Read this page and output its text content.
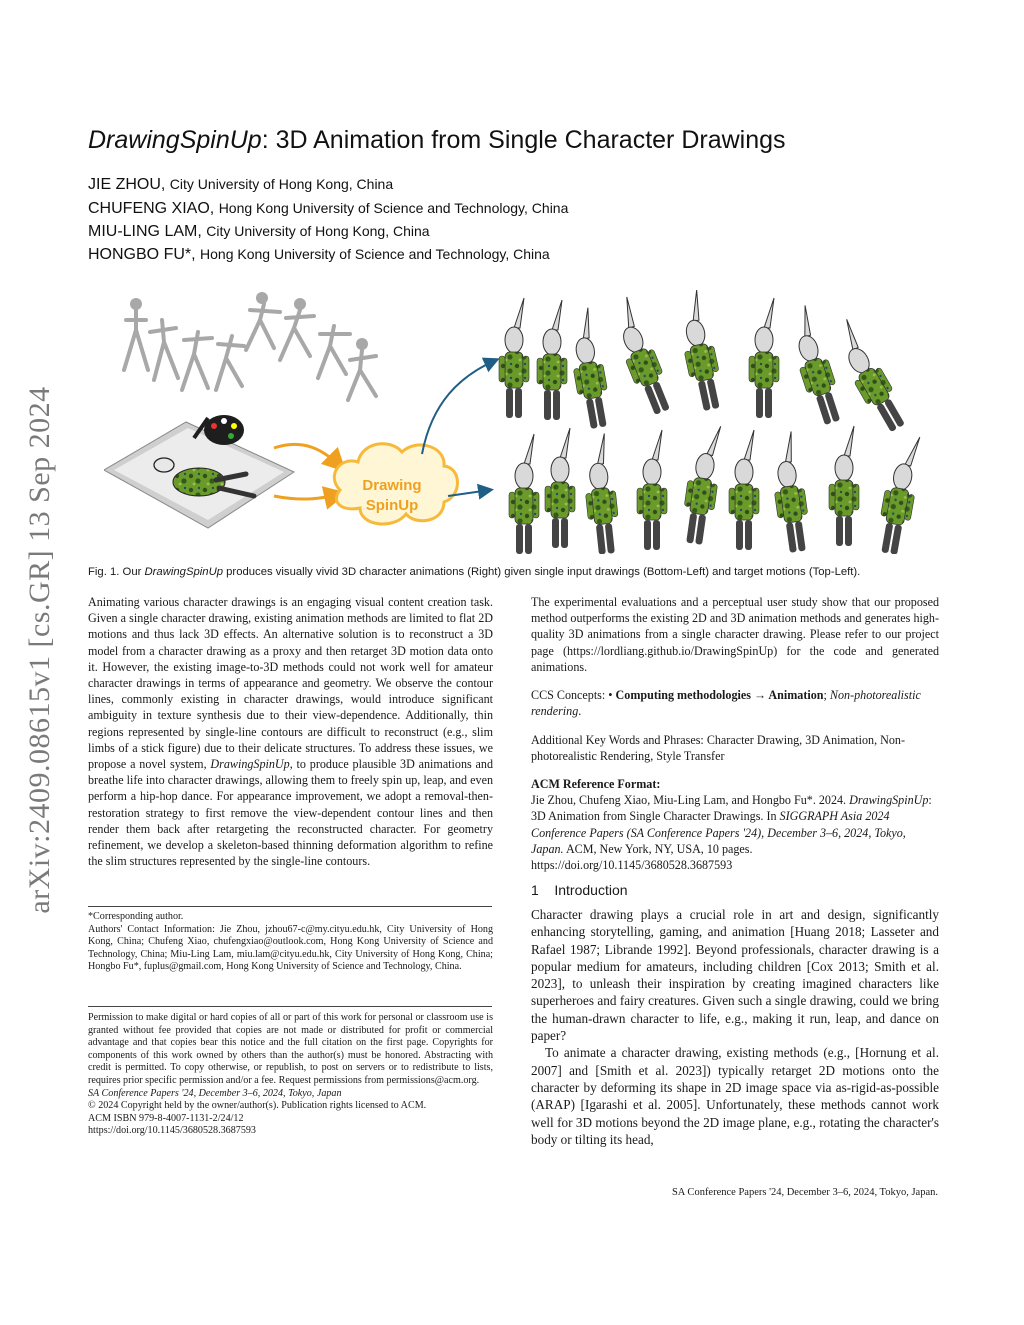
DrawingSpinUp: 3D Animation from Single Character Drawings
JIE ZHOU, City University of Hong Kong, China
CHUFENG XIAO, Hong Kong University of Science and Technology, China
MIU-LING LAM, City University of Hong Kong, China
HONGBO FU*, Hong Kong University of Science and Technology, China
arXiv:2409.08615v1 [cs.GR] 13 Sep 2024	Drawing
SpinUp
Fig. 1. Our DrawingSpinUp produces visually vivid 3D character animations (Right) given single input drawings (Bottom-Left) and target motions (Top-Left).

Animating various character drawings is an engaging visual content creation task. Given a single character drawing, existing animation methods are limited to flat 2D motions and thus lack 3D effects. An alternative solution is to reconstruct a 3D model from a character drawing as a proxy and then retarget 3D motion data onto it. However, the existing image-to-3D methods could not work well for amateur character drawings in terms of appearance and geometry. We observe the contour lines, commonly existing in character drawings, would introduce significant ambiguity in texture synthesis due to their view-dependence. Additionally, thin regions represented by single-line contours are difficult to reconstruct (e.g., slim limbs of a stick figure) due to their delicate structures. To address these issues, we propose a novel system, DrawingSpinUp, to produce plausible 3D animations and breathe life into character drawings, allowing them to freely spin up, leap, and even perform a hip-hop dance. For appearance improvement, we adopt a removal-then-restoration strategy to first remove the view-dependent contour lines and then render them back after retargeting the reconstructed character. For geometry refinement, we develop a skeleton-based thinning deformation algorithm to refine the slim structures represented by the single-line contours.

*Corresponding author.

Authors' Contact Information: Jie Zhou, jzhou67-c@my.cityu.edu.hk, City University of Hong Kong, China; Chufeng Xiao, chufengxiao@outlook.com, Hong Kong University of Science and Technology, China; Miu-Ling Lam, miu.lam@cityu.edu.hk, City University of Hong Kong, China; Hongbo Fu*, fuplus@gmail.com, Hong Kong University of Science and Technology, China.

Permission to make digital or hard copies of all or part of this work for personal or classroom use is granted without fee provided that copies are not made or distributed for profit or commercial advantage and that copies bear this notice and the full citation on the first page. Copyrights for components of this work owned by others than the author(s) must be honored. Abstracting with credit is permitted. To copy otherwise, or republish, to post on servers or to redistribute to lists, requires prior specific permission and/or a fee. Request permissions from permissions@acm.org.

SA Conference Papers '24, December 3–6, 2024, Tokyo, Japan

© 2024 Copyright held by the owner/author(s). Publication rights licensed to ACM.

ACM ISBN 979-8-4007-1131-2/24/12

https://doi.org/10.1145/3680528.3687593

The experimental evaluations and a perceptual user study show that our proposed method outperforms the existing 2D and 3D animation methods and generates high-quality 3D animations from a single character drawing. Please refer to our project page (https://lordliang.github.io/DrawingSpinUp) for the code and generated animations.

CCS Concepts: • Computing methodologies → Animation; Non-photorealistic rendering.

Additional Key Words and Phrases: Character Drawing, 3D Animation, Non-photorealistic Rendering, Style Transfer

ACM Reference Format:

Jie Zhou, Chufeng Xiao, Miu-Ling Lam, and Hongbo Fu*. 2024. DrawingSpinUp: 3D Animation from Single Character Drawings. In SIGGRAPH Asia 2024 Conference Papers (SA Conference Papers '24), December 3–6, 2024, Tokyo, Japan. ACM, New York, NY, USA, 10 pages. https://doi.org/10.1145/3680528.3687593

1 Introduction

Character drawing plays a crucial role in art and design, significantly enhancing storytelling, gaming, and animation [Huang 2018; Lasseter and Rafael 1987; Librande 1992]. Beyond professionals, character drawing is a popular medium for amateurs, including children [Cox 2013; Smith et al. 2023], to unleash their inspiration by creating imagined characters like superheroes and fairy creatures. Given such a single drawing, could we bring the human-drawn character to life, e.g., making it run, leap, and dance on paper?

To animate a character drawing, existing methods (e.g., [Hornung et al. 2007] and [Smith et al. 2023]) typically retarget 2D motions onto the character by deforming its shape in 2D image space via as-rigid-as-possible (ARAP) [Igarashi et al. 2005]. Unfortunately, these methods cannot work well for 3D motions beyond the 2D image plane, e.g., rotating the character's body or tilting its head,

SA Conference Papers '24, December 3–6, 2024, Tokyo, Japan.
